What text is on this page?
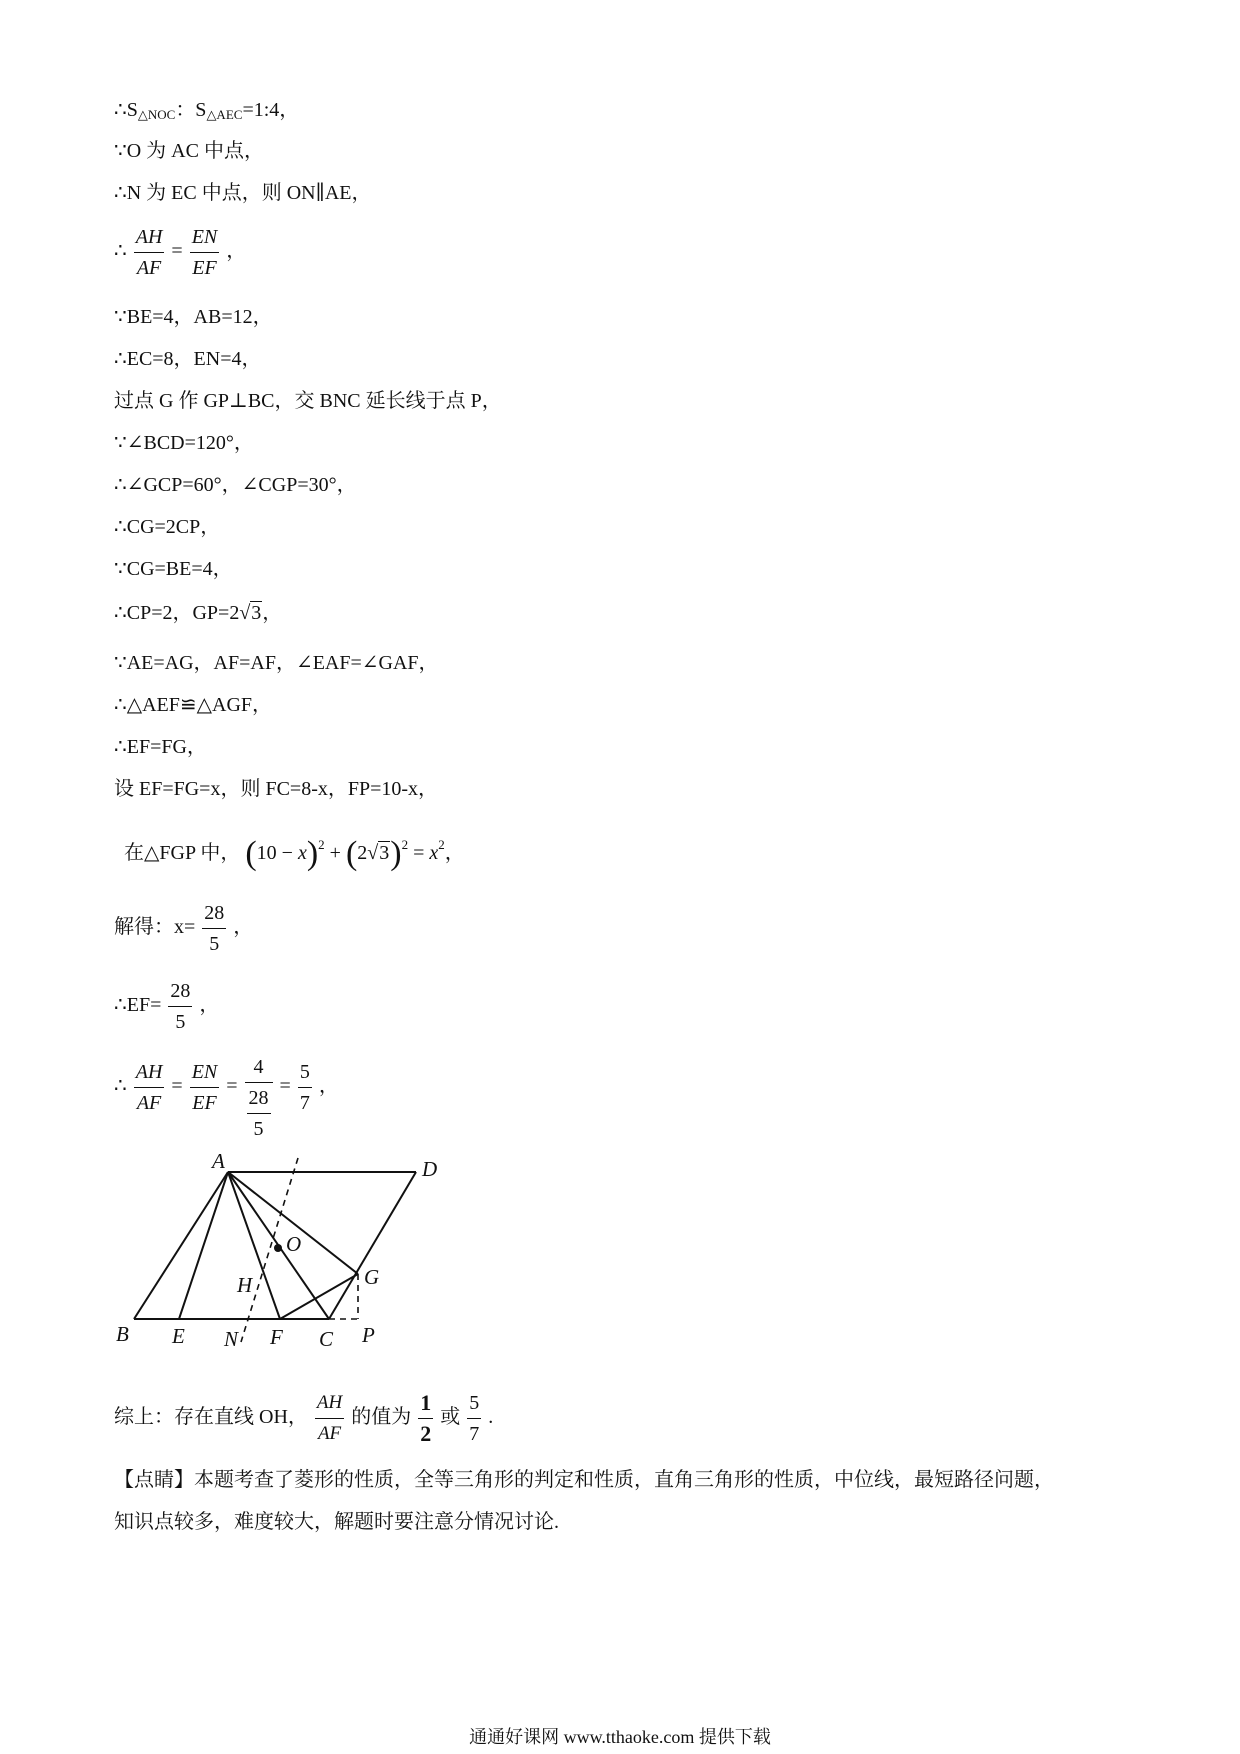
$\therefore S_{\triangle NOC}$：$S_{\triangle AEC}=1:4$，
∵O 为 AC 中点，
∴N 为 EC 中点，则 ON∥AE，
∴ $\frac{AH}{AF} = \frac{EN}{EF}$ ，
∵BE=4，AB=12，
∴EC=8，EN=4，
过点 G 作 GP⊥BC，交 BNC 延长线于点 P，
∵∠BCD=120°，
∴∠GCP=60°，∠CGP=30°，
∴CG=2CP，
∵CG=BE=4，
∴CP=2，GP=2√3，
∵AE=AG，AF=AF，∠EAF=∠GAF，
∴△AEF≌△AGF，
∴EF=FG，
设 EF=FG=x，则 FC=8-x，FP=10-x，
在△FGP 中， $(10 - x)^2 + (2√3)^2 = x^2$，
解得：$x= \frac{28}{5}$ ，
∴EF= $\frac{28}{5}$ ，
∴ $\frac{AH}{AF} = \frac{EN}{EF} = \frac{4}{\frac{28}{5}} = \frac{5}{7}$ ，
A	D
O
G
H
B E N F C P
综上：存在直线 OH， $\frac{AH}{AF}$ 的值为 $\frac{1}{2}$ 或 $\frac{5}{7}$ .
【点睛】本题考查了菱形的性质，全等三角形的判定和性质，直角三角形的性质，中位线，最短路径问题，
知识点较多，难度较大，解题时要注意分情况讨论.
通通好课网 www.tthaoke.com 提供下载
